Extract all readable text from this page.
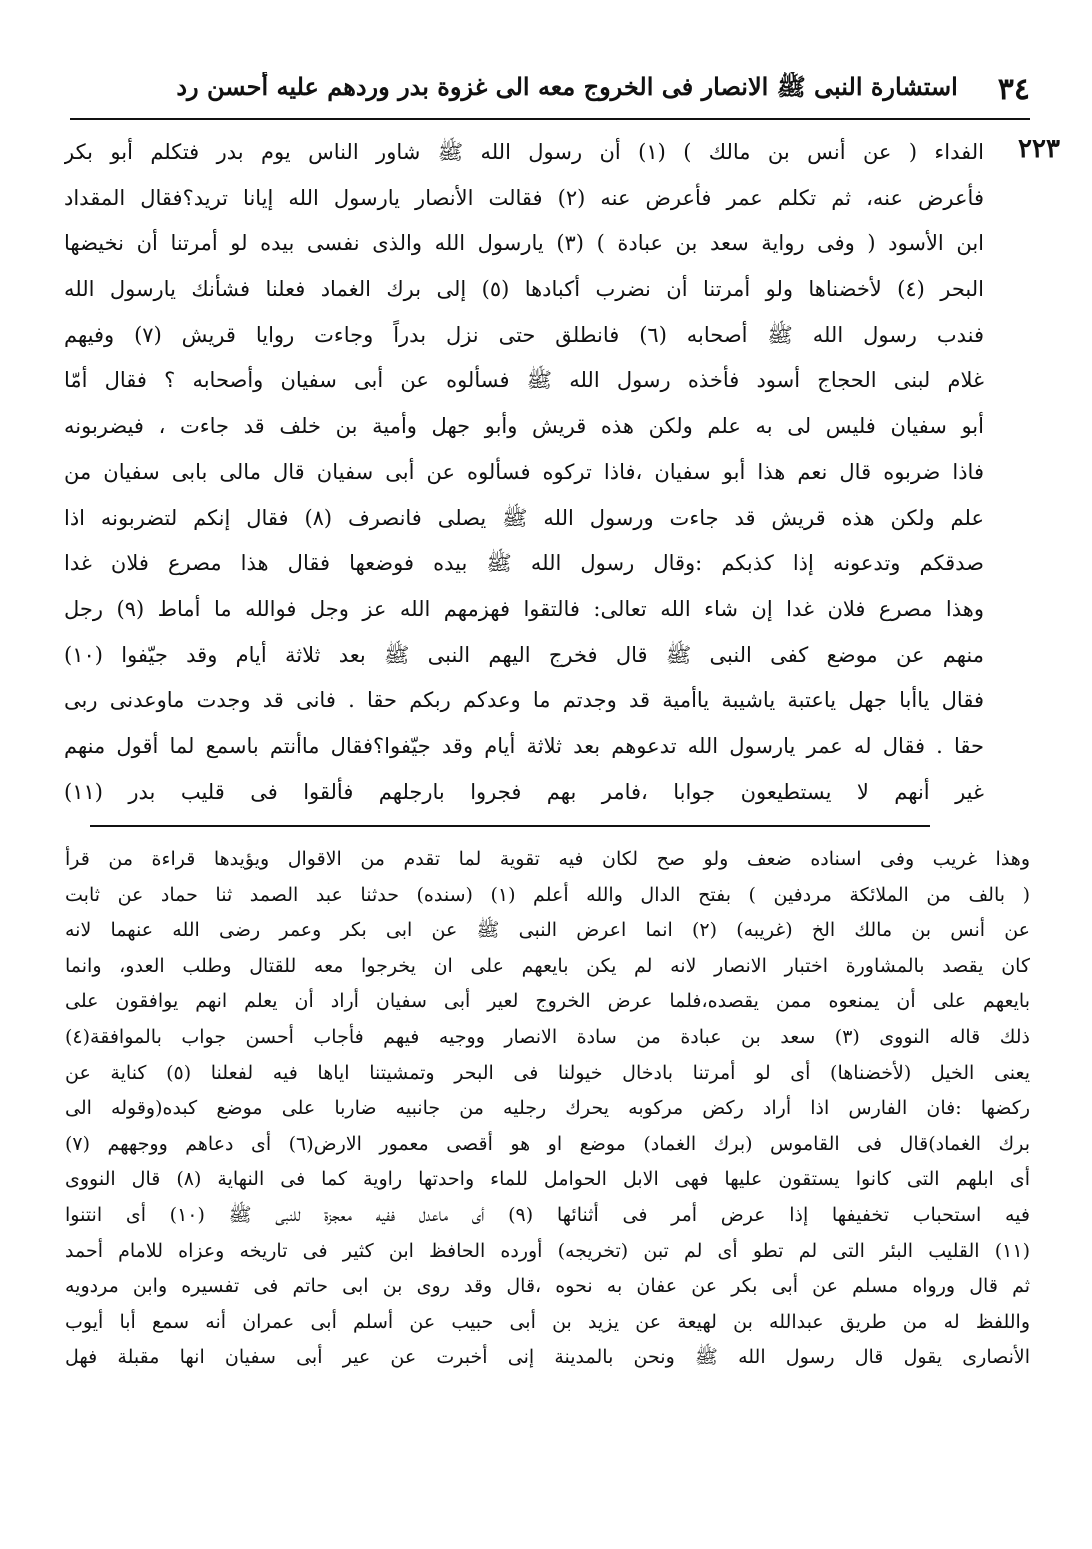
٣٤
استشارة النبى ﷺ الانصار فى الخروج معه الى غزوة بدر وردهم عليه أحسن رد
٢٢٣
الفداء ( عن أنس بن مالك ) (١) أن رسول الله ﷺ شاور الناس يوم بدر فتكلم أبو بكر
فأعرض عنه، ثم تكلم عمر فأعرض عنه (٢) فقالت الأنصار يارسول الله إيانا تريد؟فقال المقداد
ابن الأسود ( وفى رواية سعد بن عبادة ) (٣) يارسول الله والذى نفسى بيده لو أمرتنا أن نخيضها
البحر (٤) لأخضناها ولو أمرتنا أن نضرب أكبادها (٥) إلى برك الغماد فعلنا فشأنك يارسول الله
فندب رسول الله ﷺ أصحابه (٦) فانطلق حتى نزل بدراً وجاءت روايا قريش (٧) وفيهم
غلام لبنى الحجاج أسود فأخذه رسول الله ﷺ فسألوه عن أبى سفيان وأصحابه ؟ فقال أمّا
أبو سفيان فليس لى به علم ولكن هذه قريش وأبو جهل وأمية بن خلف قد جاءت ، فيضربونه
فاذا ضربوه قال نعم هذا أبو سفيان ،فاذا تركوه فسألوه عن أبى سفيان قال مالى بابى سفيان من
علم ولكن هذه قريش قد جاءت ورسول الله ﷺ يصلى فانصرف (٨) فقال إنكم لتضربونه اذا
صدقكم وتدعونه إذا كذبكم :وقال رسول الله ﷺ بيده فوضعها فقال هذا مصرع فلان غدا
وهذا مصرع فلان غدا إن شاء الله تعالى: فالتقوا فهزمهم الله عز وجل فوالله ما أماط (٩) رجل
منهم عن موضع كفى النبى ﷺ قال فخرج اليهم النبى ﷺ بعد ثلاثة أيام وقد جيّفوا (١٠)
فقال ياأبا جهل ياعتبة ياشيبة ياأمية قد وجدتم ما وعدكم ربكم حقا . فانى قد وجدت ماوعدنى ربى
حقا . فقال له عمر يارسول الله تدعوهم بعد ثلاثة أيام وقد جيّفوا؟فقال ماأنتم باسمع لما أقول منهم
غير أنهم لا يستطيعون جوابا ،فامر بهم فجروا بارجلهم فألقوا فى قليب بدر (١١)
وهذا غريب وفى اسناده ضعف ولو صح لكان فيه تقوية لما تقدم من الاقوال ويؤيدها قراءة من قرأ
( بالف من الملائكة مردفين ) بفتح الدال والله أعلم (١) (سنده) حدثنا عبد الصمد ثنا حماد عن ثابت
عن أنس بن مالك الخ (غريبه) (٢) انما اعرض النبى ﷺ عن ابى بكر وعمر رضى الله عنهما لانه
كان يقصد بالمشاورة اختبار الانصار لانه لم يكن بايعهم على ان يخرجوا معه للقتال وطلب العدو، وانما
بايعهم على أن يمنعوه ممن يقصده،فلما عرض الخروج لعير أبى سفيان أراد أن يعلم انهم يوافقون على
ذلك قاله النووى (٣) سعد بن عبادة من سادة الانصار ووجيه فيهم فأجاب أحسن جواب بالموافقة(٤)
يعنى الخيل (لأخضناها) أى لو أمرتنا بادخال خيولنا فى البحر وتمشيتنا اياها فيه لفعلنا (٥) كناية عن
ركضها :فان الفارس اذا أراد ركض مركوبه يحرك رجليه من جانبيه ضاربا على موضع كبده(وقوله الى
برك الغماد)قال فى القاموس (برك الغماد) موضع او هو أقصى معمور الارض(٦) أى دعاهم ووجههم (٧)
أى ابلهم التى كانوا يستقون عليها فهى الابل الحوامل للماء واحدتها راوية كما فى النهاية (٨) قال النووى
فيه استحباب تخفيفها إذا عرض أمر فى أثنائها (٩) أى ماعدل ففيه معجزة للنبى ﷺ (١٠) أى انتنوا
(١١) القليب البئر التى لم تطو أى لم تبن (تخريجه) أورده الحافظ ابن كثير فى تاريخه وعزاه للامام أحمد
ثم قال ورواه مسلم عن أبى بكر عن عفان به نحوه ،قال وقد روى بن ابى حاتم فى تفسيره وابن مردويه
واللفظ له من طريق عبدالله بن لهيعة عن يزيد بن أبى حبيب عن أسلم أبى عمران أنه سمع أبا أيوب
الأنصارى يقول قال رسول الله ﷺ ونحن بالمدينة إنى أخبرت عن عير أبى سفيان انها مقبلة فهل
